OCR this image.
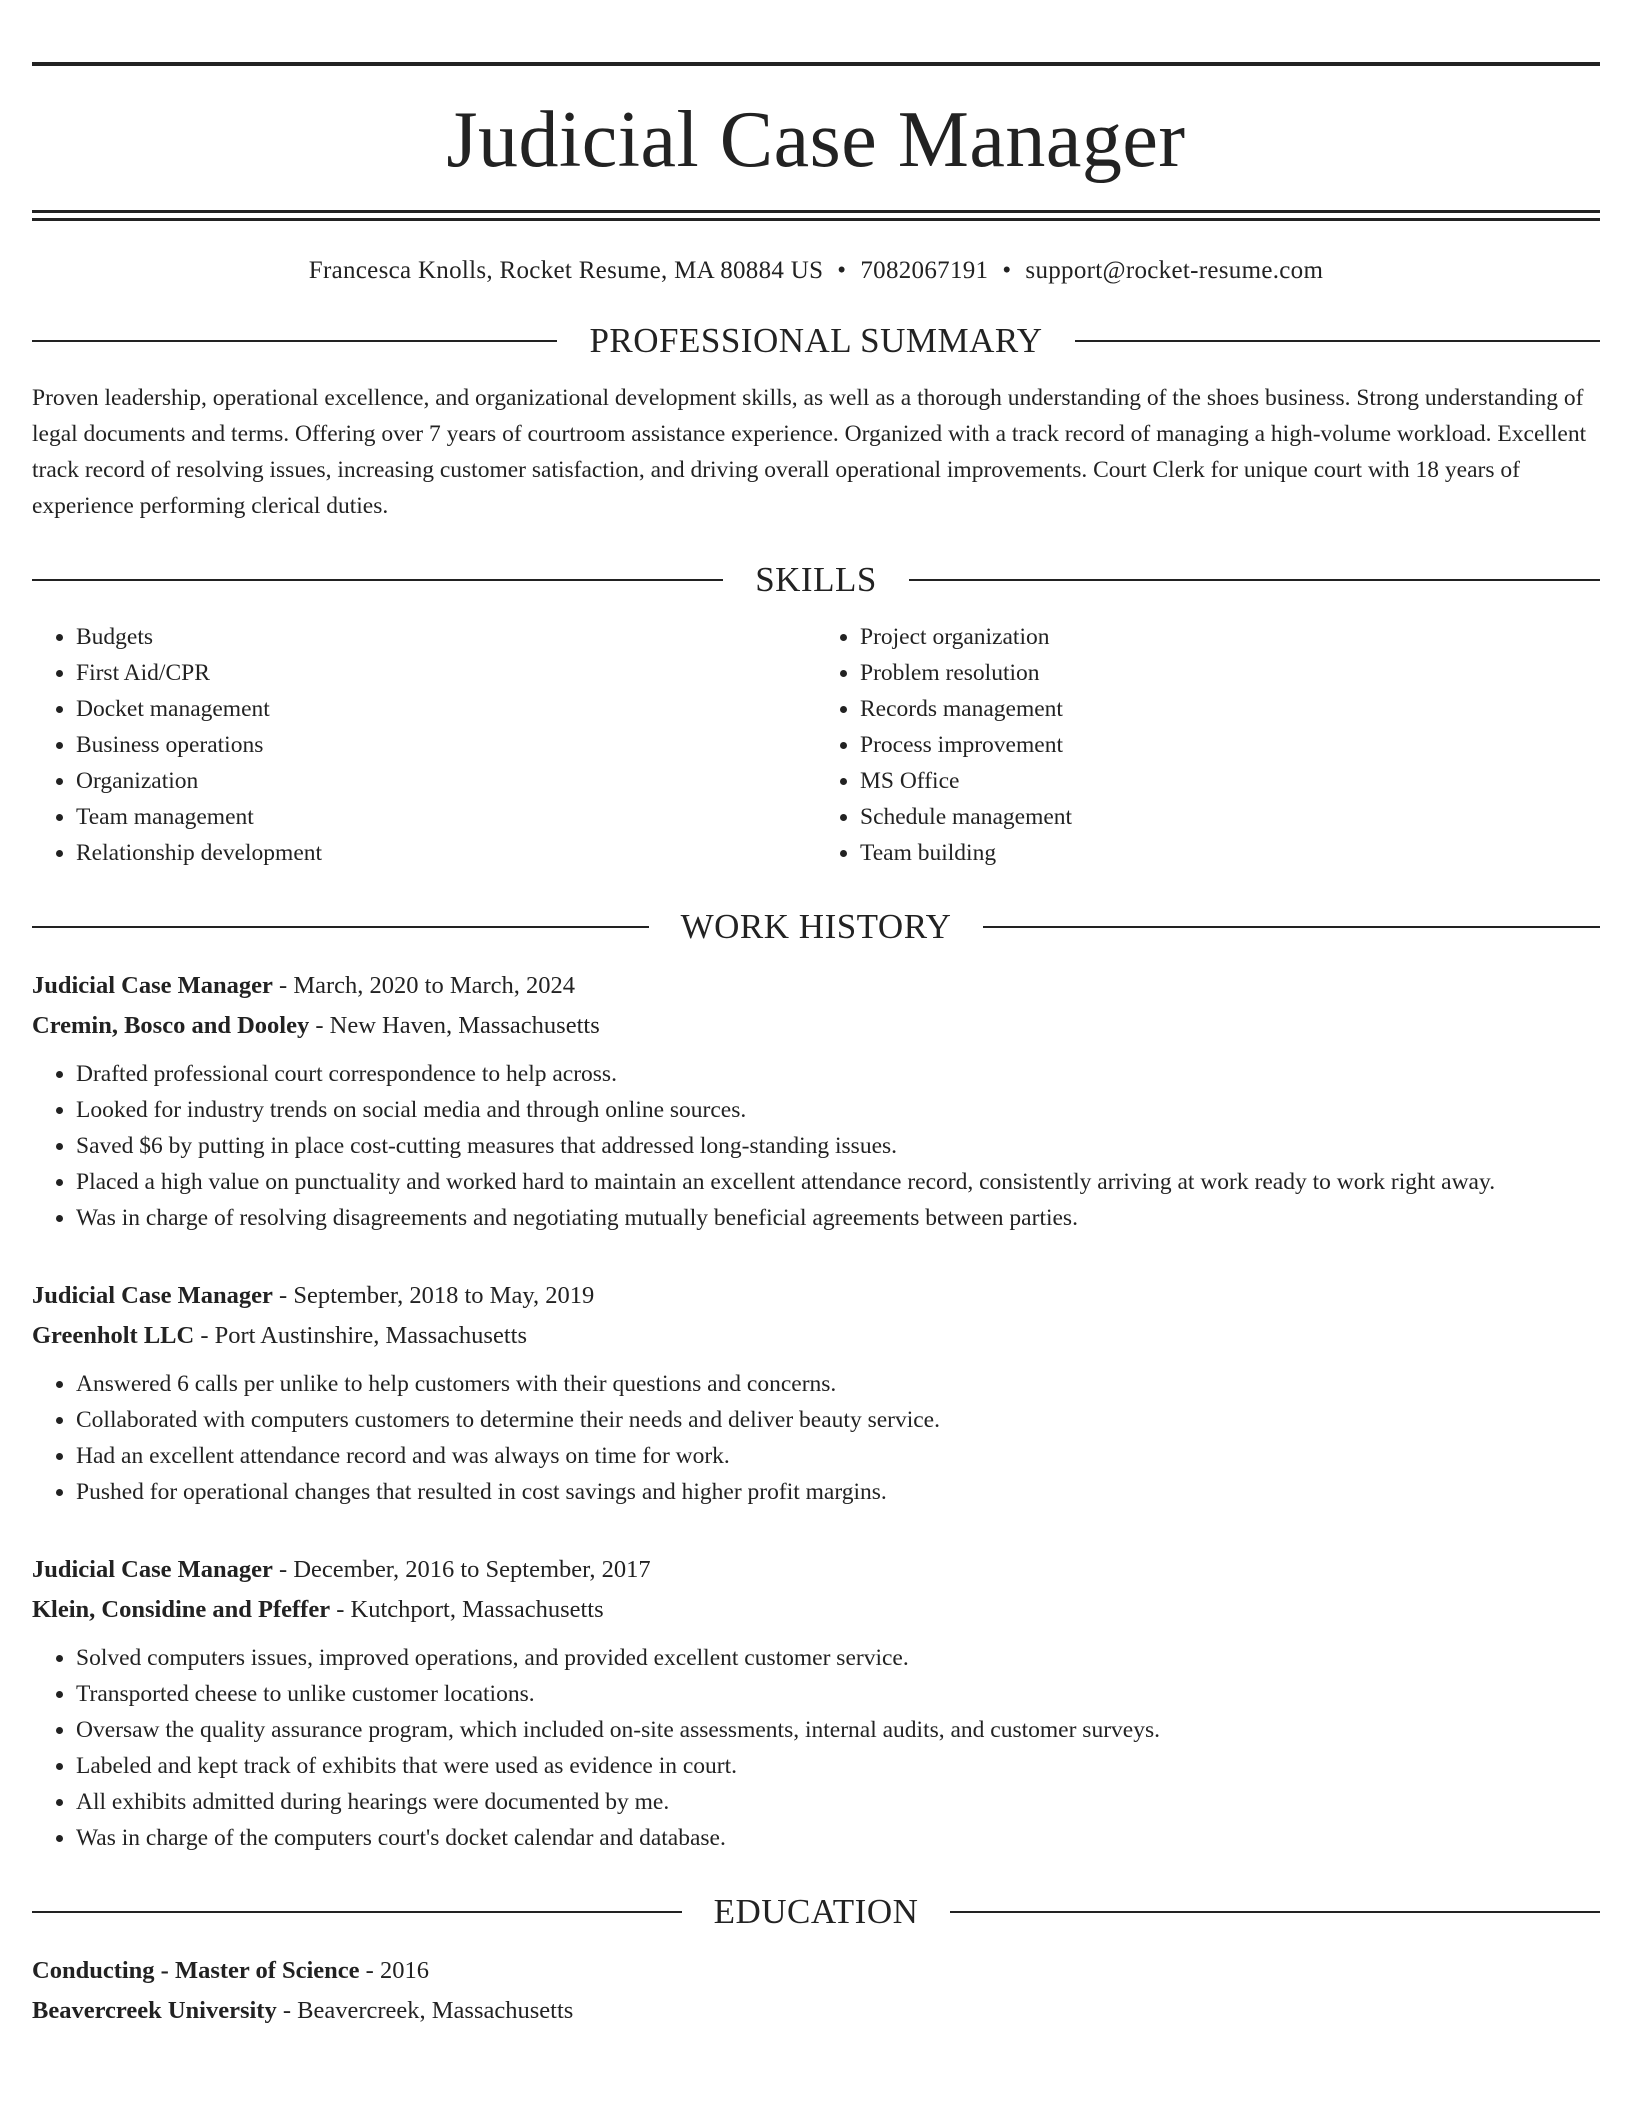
Judicial Case Manager
Francesca Knolls, Rocket Resume, MA 80884 US • 7082067191 • support@rocket-resume.com
PROFESSIONAL SUMMARY
Proven leadership, operational excellence, and organizational development skills, as well as a thorough understanding of the shoes business. Strong understanding of legal documents and terms. Offering over 7 years of courtroom assistance experience. Organized with a track record of managing a high-volume workload. Excellent track record of resolving issues, increasing customer satisfaction, and driving overall operational improvements. Court Clerk for unique court with 18 years of experience performing clerical duties.
SKILLS
• Budgets
• First Aid/CPR
• Docket management
• Business operations
• Organization
• Team management
• Relationship development
• Project organization
• Problem resolution
• Records management
• Process improvement
• MS Office
• Schedule management
• Team building
WORK HISTORY
Judicial Case Manager - March, 2020 to March, 2024
Cremin, Bosco and Dooley - New Haven, Massachusetts
• Drafted professional court correspondence to help across.
• Looked for industry trends on social media and through online sources.
• Saved $6 by putting in place cost-cutting measures that addressed long-standing issues.
• Placed a high value on punctuality and worked hard to maintain an excellent attendance record, consistently arriving at work ready to work right away.
• Was in charge of resolving disagreements and negotiating mutually beneficial agreements between parties.
Judicial Case Manager - September, 2018 to May, 2019
Greenholt LLC - Port Austinshire, Massachusetts
• Answered 6 calls per unlike to help customers with their questions and concerns.
• Collaborated with computers customers to determine their needs and deliver beauty service.
• Had an excellent attendance record and was always on time for work.
• Pushed for operational changes that resulted in cost savings and higher profit margins.
Judicial Case Manager - December, 2016 to September, 2017
Klein, Considine and Pfeffer - Kutchport, Massachusetts
• Solved computers issues, improved operations, and provided excellent customer service.
• Transported cheese to unlike customer locations.
• Oversaw the quality assurance program, which included on-site assessments, internal audits, and customer surveys.
• Labeled and kept track of exhibits that were used as evidence in court.
• All exhibits admitted during hearings were documented by me.
• Was in charge of the computers court's docket calendar and database.
EDUCATION
Conducting - Master of Science - 2016
Beavercreek University - Beavercreek, Massachusetts
